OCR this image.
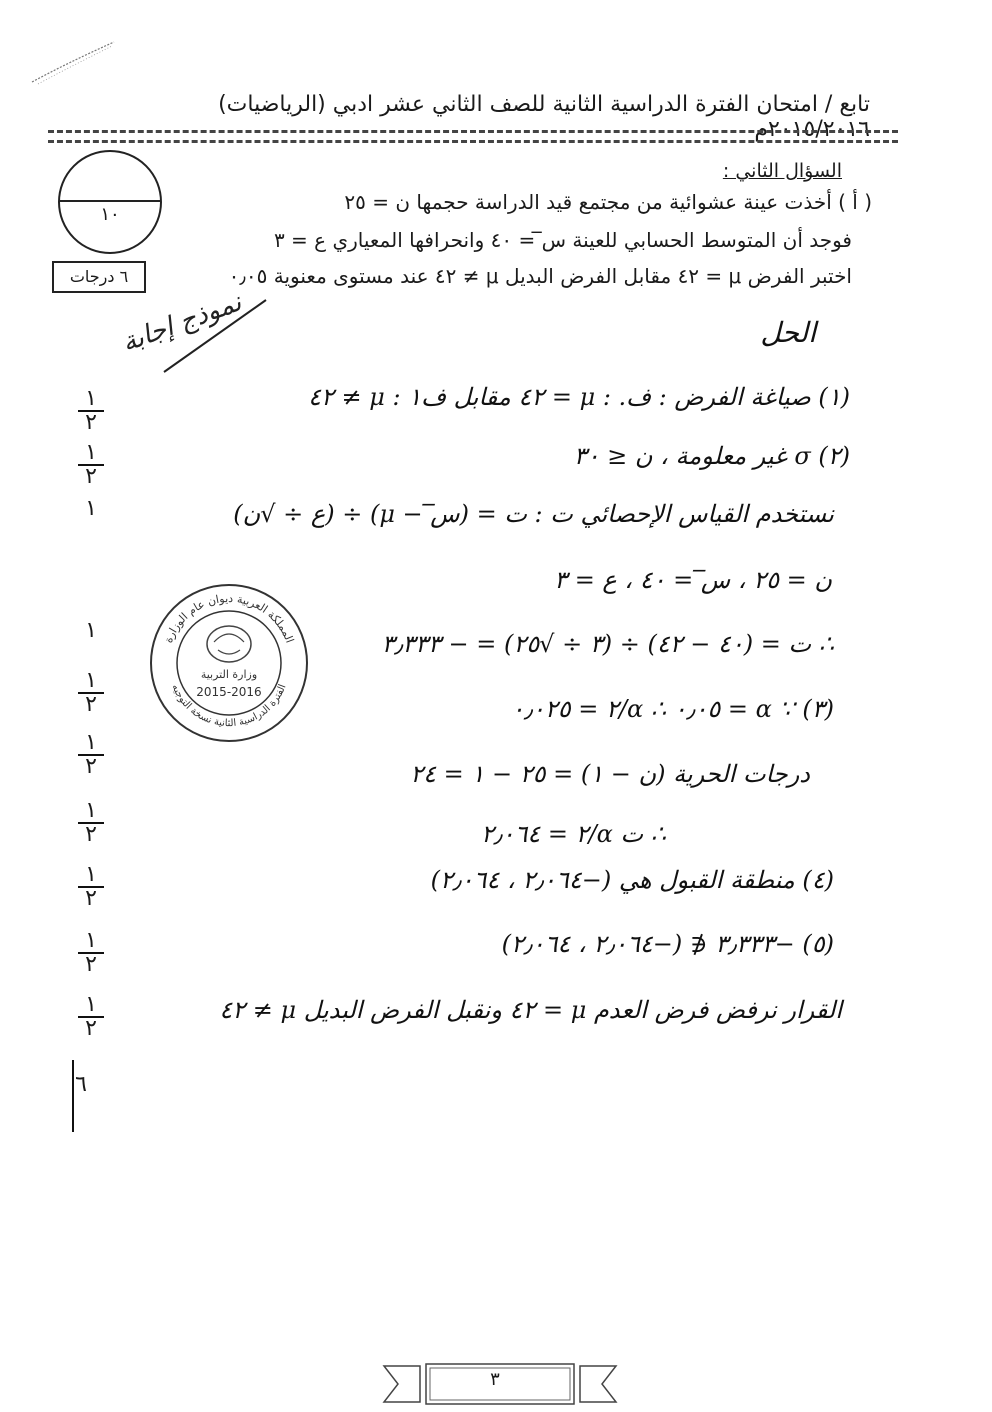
تابع / امتحان الفترة الدراسية الثانية للصف الثاني عشر ادبي (الرياضيات) ٢٠١٥/٢٠١٦م
١٠
السؤال الثاني :
( أ ) أخذت عينة عشوائية من مجتمع قيد الدراسة حجمها ن = ٢٥
فوجد أن المتوسط الحسابي للعينة س̅ = ٤٠ وانحرافها المعياري ع = ٣
اختبر الفرض μ = ٤٢ مقابل الفرض البديل μ ≠ ٤٢ عند مستوى معنوية ٠٫٠٥
٦ درجات
نموذج إجابة	الحل
(١) صياغة الفرض : ف. : μ = ٤٢ مقابل ف١ : μ ≠ ٤٢
(٢) σ غير معلومة ، ن ≤ ٣٠
نستخدم القياس الإحصائي ت : ت = (س̅ − μ) ÷ (ع ÷ √ن)
ن = ٢٥ ، س̅ = ٤٠ ، ع = ٣
∴ ت = (٤٠ − ٤٢) ÷ (٣ ÷ √٢٥) = − ٣٫٣٣٣
(٣) ∵ α = ٠٫٠٥ ∴ α/٢ = ٠٫٠٢٥
درجات الحرية (ن − ١) = ٢٥ − ١ = ٢٤
∴ ت α/٢ = ٢٫٠٦٤
(٤) منطقة القبول هي (−٢٫٠٦٤ ، ٢٫٠٦٤)
(٥) −٣٫٣٣٣ ∉ (−٢٫٠٦٤ ، ٢٫٠٦٤)
القرار نرفض فرض العدم μ = ٤٢ ونقبل الفرض البديل μ ≠ ٤٢
١
٢
١
٢
١
١
١
٢
١
٢
١
٢
١
٢
١
٢
١
٢
٦
المملكة العربية ديوان عام الوزارة
الفترة الدراسية الثانية نسخة التوجيه
وزارة التربية
2015-2016
٣
